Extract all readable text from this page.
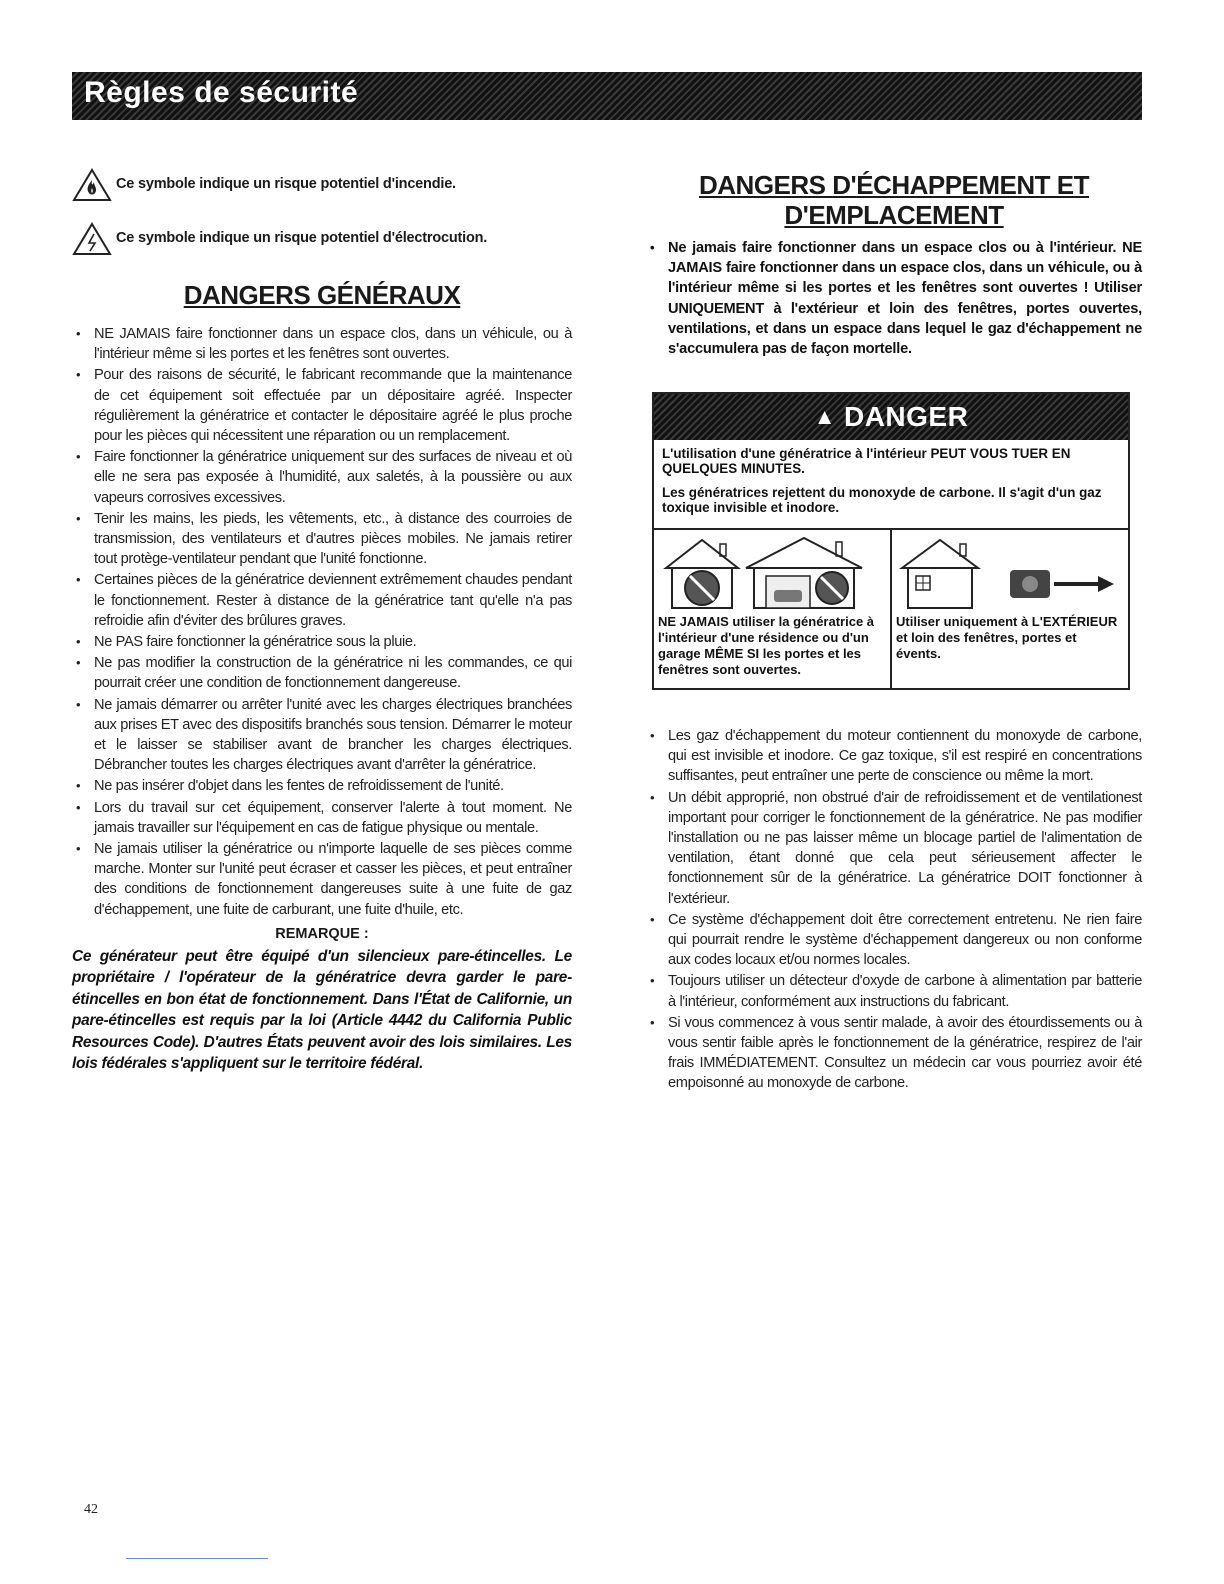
Règles de sécurité
Ce symbole indique un risque potentiel d'incendie.
Ce symbole indique un risque potentiel d'électrocution.
DANGERS GÉNÉRAUX
• NE JAMAIS faire fonctionner dans un espace clos, dans un véhicule, ou à l'intérieur même si les portes et les fenêtres sont ouvertes.
• Pour des raisons de sécurité, le fabricant recommande que la maintenance de cet équipement soit effectuée par un dépositaire agréé. Inspecter régulièrement la génératrice et contacter le dépositaire agréé le plus proche pour les pièces qui nécessitent une réparation ou un remplacement.
• Faire fonctionner la génératrice uniquement sur des surfaces de niveau et où elle ne sera pas exposée à l'humidité, aux saletés, à la poussière ou aux vapeurs corrosives excessives.
• Tenir les mains, les pieds, les vêtements, etc., à distance des courroies de transmission, des ventilateurs et d'autres pièces mobiles. Ne jamais retirer tout protège-ventilateur pendant que l'unité fonctionne.
• Certaines pièces de la génératrice deviennent extrêmement chaudes pendant le fonctionnement. Rester à distance de la génératrice tant qu'elle n'a pas refroidie afin d'éviter des brûlures graves.
• Ne PAS faire fonctionner la génératrice sous la pluie.
• Ne pas modifier la construction de la génératrice ni les commandes, ce qui pourrait créer une condition de fonctionnement dangereuse.
• Ne jamais démarrer ou arrêter l'unité avec les charges électriques branchées aux prises ET avec des dispositifs branchés sous tension. Démarrer le moteur et le laisser se stabiliser avant de brancher les charges électriques. Débrancher toutes les charges électriques avant d'arrêter la génératrice.
• Ne pas insérer d'objet dans les fentes de refroidissement de l'unité.
• Lors du travail sur cet équipement, conserver l'alerte à tout moment. Ne jamais travailler sur l'équipement en cas de fatigue physique ou mentale.
• Ne jamais utiliser la génératrice ou n'importe laquelle de ses pièces comme marche. Monter sur l'unité peut écraser et casser les pièces, et peut entraîner des conditions de fonctionnement dangereuses suite à une fuite de gaz d'échappement, une fuite de carburant, une fuite d'huile, etc.
REMARQUE :
Ce générateur peut être équipé d'un silencieux pare-étincelles. Le propriétaire / l'opérateur de la génératrice devra garder le pare-étincelles en bon état de fonctionnement. Dans l'État de Californie, un pare-étincelles est requis par la loi (Article 4442 du California Public Resources Code). D'autres États peuvent avoir des lois similaires. Les lois fédérales s'appliquent sur le territoire fédéral.
DANGERS D'ÉCHAPPEMENT ET
D'EMPLACEMENT
• Ne jamais faire fonctionner dans un espace clos ou à l'intérieur. NE JAMAIS faire fonctionner dans un espace clos, dans un véhicule, ou à l'intérieur même si les portes et les fenêtres sont ouvertes ! Utiliser UNIQUEMENT à l'extérieur et loin des fenêtres, portes ouvertes, ventilations, et dans un espace dans lequel le gaz d'échappement ne s'accumulera pas de façon mortelle.
▲ DANGER

L'utilisation d'une génératrice à l'intérieur PEUT VOUS TUER EN QUELQUES MINUTES.

Les génératrices rejettent du monoxyde de carbone. Il s'agit d'un gaz toxique invisible et inodore.

NE JAMAIS utiliser la génératrice à l'intérieur d'une résidence ou d'un garage MÊME SI les portes et les fenêtres sont ouvertes.
Utiliser uniquement à L'EXTÉRIEUR et loin des fenêtres, portes et évents.
• Les gaz d'échappement du moteur contiennent du monoxyde de carbone, qui est invisible et inodore. Ce gaz toxique, s'il est respiré en concentrations suffisantes, peut entraîner une perte de conscience ou même la mort.
• Un débit approprié, non obstrué d'air de refroidissement et de ventilationest important pour corriger le fonctionnement de la génératrice. Ne pas modifier l'installation ou ne pas laisser même un blocage partiel de l'alimentation de ventilation, étant donné que cela peut sérieusement affecter le fonctionnement sûr de la génératrice. La génératrice DOIT fonctionner à l'extérieur.
• Ce système d'échappement doit être correctement entretenu. Ne rien faire qui pourrait rendre le système d'échappement dangereux ou non conforme aux codes locaux et/ou normes locales.
• Toujours utiliser un détecteur d'oxyde de carbone à alimentation par batterie à l'intérieur, conformément aux instructions du fabricant.
• Si vous commencez à vous sentir malade, à avoir des étourdissements ou à vous sentir faible après le fonctionnement de la génératrice, respirez de l'air frais IMMÉDIATEMENT. Consultez un médecin car vous pourriez avoir été empoisonné au monoxyde de carbone.
42
